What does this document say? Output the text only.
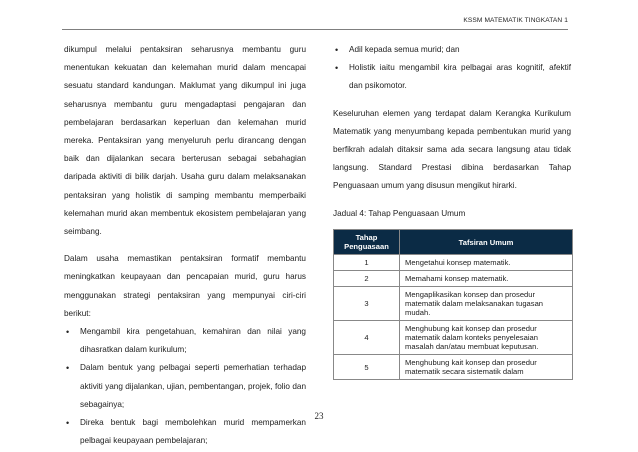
KSSM MATEMATIK TINGKATAN 1

dikumpul melalui pentaksiran seharusnya membantu guru menentukan kekuatan dan kelemahan murid dalam mencapai sesuatu standard kandungan. Maklumat yang dikumpul ini juga seharusnya membantu guru mengadaptasi pengajaran dan pembelajaran berdasarkan keperluan dan kelemahan murid mereka. Pentaksiran yang menyeluruh perlu dirancang dengan baik dan dijalankan secara berterusan sebagai sebahagian daripada aktiviti di bilik darjah. Usaha guru dalam melaksanakan pentaksiran yang holistik di samping membantu memperbaiki kelemahan murid akan membentuk ekosistem pembelajaran yang seimbang.

Dalam usaha memastikan pentaksiran formatif membantu meningkatkan keupayaan dan pencapaian murid, guru harus menggunakan strategi pentaksiran yang mempunyai ciri-ciri berikut:

• Mengambil kira pengetahuan, kemahiran dan nilai yang dihasratkan dalam kurikulum;
• Dalam bentuk yang pelbagai seperti pemerhatian terhadap aktiviti yang dijalankan, ujian, pembentangan, projek, folio dan sebagainya;
• Direka bentuk bagi membolehkan murid mempamerkan pelbagai keupayaan pembelajaran;
• Adil kepada semua murid; dan
• Holistik iaitu mengambil kira pelbagai aras kognitif, afektif dan psikomotor.

Keseluruhan elemen yang terdapat dalam Kerangka Kurikulum Matematik yang menyumbang kepada pembentukan murid yang berfikrah adalah ditaksir sama ada secara langsung atau tidak langsung. Standard Prestasi dibina berdasarkan Tahap Penguasaan umum yang disusun mengikut hirarki.

Jadual 4: Tahap Penguasaan Umum

Tahap Penguasaan	Tafsiran Umum
1	Mengetahui konsep matematik.
2	Memahami konsep matematik.
3	Mengaplikasikan konsep dan prosedur matematik dalam melaksanakan tugasan mudah.
4	Menghubung kait konsep dan prosedur matematik dalam konteks penyelesaian masalah dan/atau membuat keputusan.
5	Menghubung kait konsep dan prosedur matematik secara sistematik dalam
23
